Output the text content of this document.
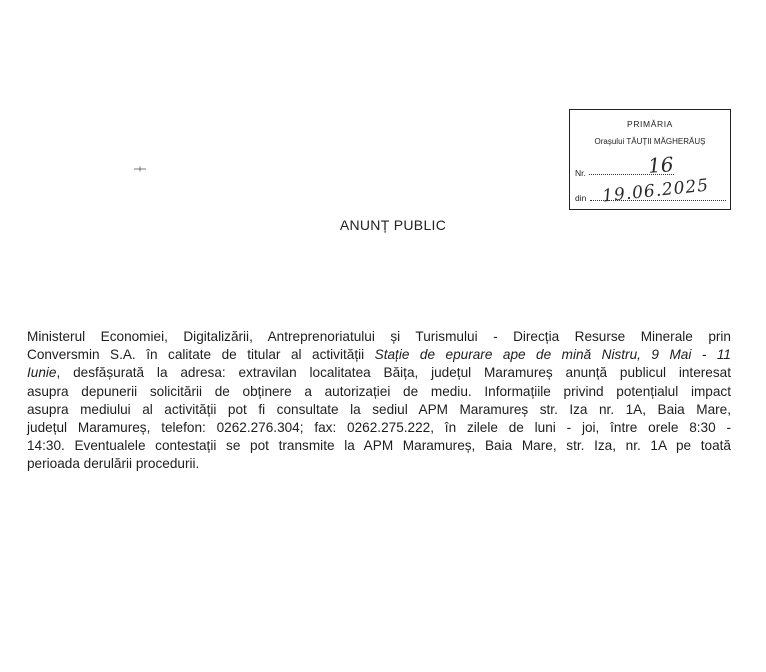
PRIMĂRIA
Orașului TĂUȚII MĂGHERĂUȘ
Nr.	16
din 19.06.2025
ANUNȚ PUBLIC
Ministerul Economiei, Digitalizării, Antreprenoriatului și Turismului - Direcția Resurse Minerale prin
Conversmin S.A. în calitate de titular al activității Stație de epurare ape de mină Nistru, 9 Mai - 11
Iunie, desfășurată la adresa: extravilan localitatea Băița, județul Maramureș anunță publicul interesat
asupra depunerii solicitării de obținere a autorizației de mediu. Informațiile privind potențialul impact
asupra mediului al activității pot fi consultate la sediul APM Maramureș str. Iza nr. 1A, Baia Mare,
județul Maramureș, telefon: 0262.276.304; fax: 0262.275.222, în zilele de luni - joi, între orele 8:30 -
14:30. Eventualele contestații se pot transmite la APM Maramureș, Baia Mare, str. Iza, nr. 1A pe toată
perioada derulării procedurii.
